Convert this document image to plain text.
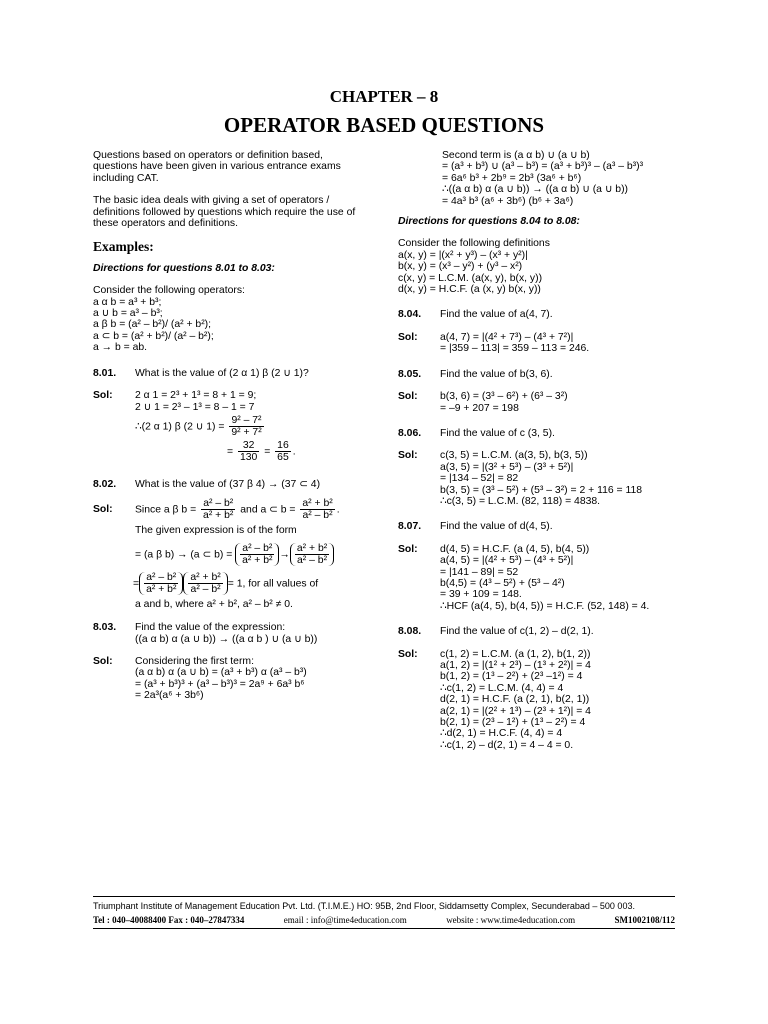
CHAPTER – 8
OPERATOR BASED QUESTIONS
Questions based on operators or definition based,
questions have been given in various entrance exams
including CAT.
The basic idea deals with giving a set of operators /
definitions followed by questions which require the use of
these operators and definitions.
Examples:
Directions for questions 8.01 to 8.03:
Consider the following operators:
a α b = a³ + b³;
a ∪ b = a³ – b³;
a β b = (a² – b²)/ (a² + b²);
a ⊂ b = (a² + b²)/ (a² – b²);
a → b = ab.
8.01.	What is the value of (2 α 1) β (2 ∪ 1)?
Sol:	2 α 1 = 2³ + 1³ = 8 + 1 = 9;
2 ∪ 1 = 2³ – 1³ = 8 – 1 = 7
∴(2 α 1) β (2 ∪ $1) = \frac{\text{9² – 7²}}{\text{9² + 7²}}$
= $\frac{32}{130} = \frac{16}{65}$ .
8.02.	What is the value of (37 β 4) → (37 ⊂ 4)
Sol:	Since a β $b = \frac{\text{a² – b²}}{\text{a² + b²}}$ and a ⊂ $b = \frac{\text{a² + b²}}{\text{a² – b²}}$ .
The given expression is of the form
= (a β b) → (a ⊂ $b) = \frac{\text{a² – b²}}{\text{a² + b²}} \to \frac{\text{a² + b²}}{\text{a² – b²}}$
= $\frac{\text{a² – b²}}{\text{a² + b²}} \frac{\text{a² + b²}}{\text{a² – b²}} = 1$, for all values of
a and b, where a² + b², a² – b² ≠ 0.
8.03.	Find the value of the expression:
((a α b) α (a ∪ b)) → ((a α b ) ∪ (a ∪ b))
Sol:	Considering the first term:
(a α b) α (a ∪ b) = (a³ + b³) α (a³ – b³)
= (a³ + b³)³ + (a³ – b³)³ = 2a⁹ + 6a³ b⁶
= 2a³(a⁶ + 3b⁶)
Second term is (a α b) ∪ (a ∪ b)
= (a³ + b³) ∪ (a³ – b³) = (a³ + b³)³ – (a³ – b³)³
= 6a⁶ b³ + 2b⁹ = 2b³ (3a⁶ + b⁶)
∴((a α b) α (a ∪ b)) → ((a α b) ∪ (a ∪ b))
= 4a³ b³ (a⁶ + 3b⁶) (b⁶ + 3a⁶)
Directions for questions 8.04 to 8.08:
Consider the following definitions
a(x, y) = |(x² + y³) – (x³ + y²)|
b(x, y) = (x³ – y²) + (y³ – x²)
c(x, y) = L.C.M. (a(x, y), b(x, y))
d(x, y) = H.C.F. (a (x, y) b(x, y))
8.04.	Find the value of a(4, 7).
Sol:	a(4, 7) = |(4² + 7³) – (4³ + 7²)|
= |359 – 113| = 359 – 113 = 246.
8.05.	Find the value of b(3, 6).
Sol:	b(3, 6) = (3³ – 6²) + (6³ – 3²)
= –9 + 207 = 198
8.06.	Find the value of c (3, 5).
Sol:	c(3, 5) = L.C.M. (a(3, 5), b(3, 5))
a(3, 5) = |(3² + 5³) – (3³ + 5²)|
= |134 – 52| = 82
b(3, 5) = (3³ – 5²) + (5³ – 3²) = 2 + 116 = 118
∴c(3, 5) = L.C.M. (82, 118) = 4838.
8.07.	Find the value of d(4, 5).
Sol:	d(4, 5) = H.C.F. (a (4, 5), b(4, 5))
a(4, 5) = |(4² + 5³) – (4³ + 5²)|
= |141 – 89| = 52
b(4,5) = (4³ – 5²) + (5³ – 4²)
= 39 + 109 = 148.
∴HCF (a(4, 5), b(4, 5)) = H.C.F. (52, 148) = 4.
8.08.	Find the value of c(1, 2) – d(2, 1).
Sol:	c(1, 2) = L.C.M. (a (1, 2), b(1, 2))
a(1, 2) = |(1² + 2³) – (1³ + 2²)| = 4
b(1, 2) = (1³ – 2²) + (2³ –1²) = 4
∴c(1, 2) = L.C.M. (4, 4) = 4
d(2, 1) = H.C.F. (a (2, 1), b(2, 1))
a(2, 1) = |(2² + 1³) – (2³ + 1²)| = 4
b(2, 1) = (2³ – 1²) + (1³ – 2²) = 4
∴d(2, 1) = H.C.F. (4, 4) = 4
∴c(1, 2) – d(2, 1) = 4 – 4 = 0.
Triumphant Institute of Management Education Pvt. Ltd. (T.I.M.E.) HO: 95B, 2nd Floor, Siddamsetty Complex, Secunderabad – 500 003.
Tel : 040–40088400 Fax : 040–27847334	email : info@time4education.com	website : www.time4education.com	SM1002108/112
